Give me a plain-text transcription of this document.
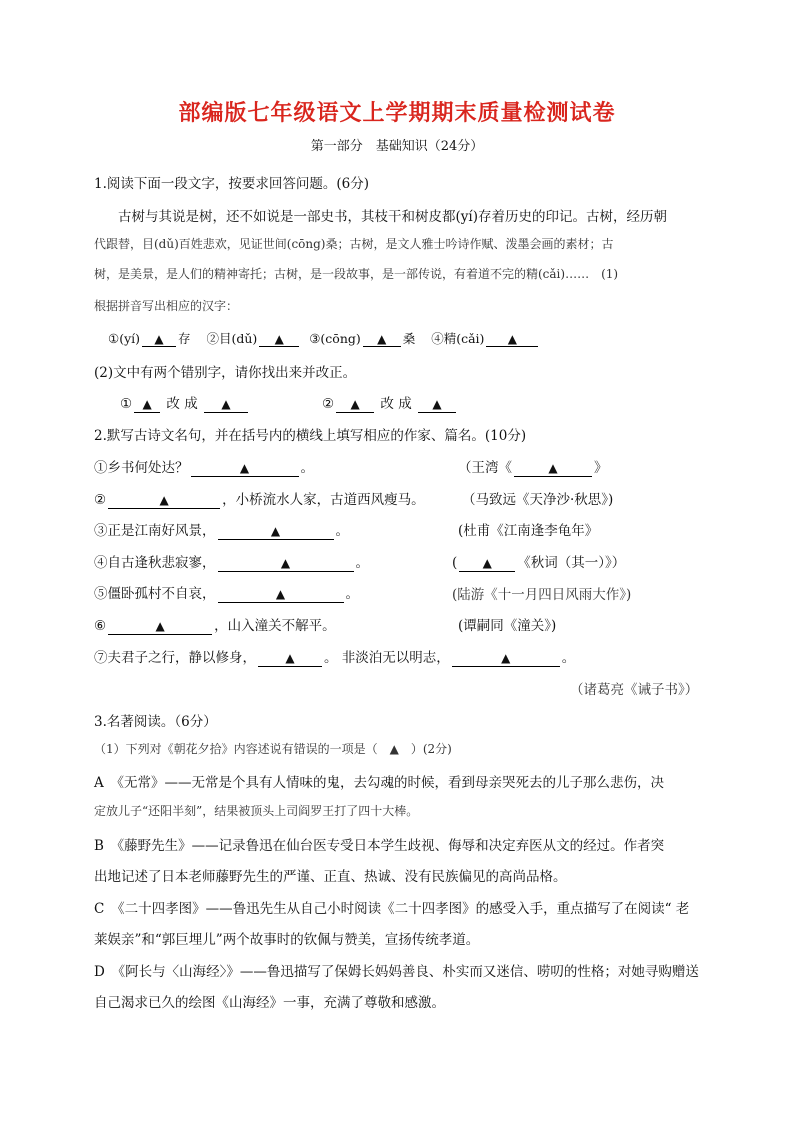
部编版七年级语文上学期期末质量检测试卷
第一部分　基础知识（24分）
1.阅读下面一段文字，按要求回答问题。(6分)
古树与其说是树，还不如说是一部史书，其枝干和树皮都(yí)存着历史的印记。古树，经历朝
代跟替，目(dǔ)百姓悲欢，见证世间(cōng)桑；古树，是文人雅士吟诗作赋、泼墨会画的素材；古
树，是美景，是人们的精神寄托；古树，是一段故事，是一部传说，有着道不完的精(cǎi)……　(1)
根据拼音写出相应的汉字：
①(yí) ▲ 存 ②目(dǔ) ▲ ③(cōng) ▲ 桑 ④精(cǎi) ▲
(2)文中有两个错别字，请你找出来并改正。
① ▲ 改 成 ▲	② ▲ 改 成 ▲
2.默写古诗文名句，并在括号内的横线上填写相应的作家、篇名。(10分)
①乡书何处达？	▲	。	（王湾《	▲	》
②	▲	，小桥流水人家，古道西风瘦马。	（马致远《天净沙·秋思》)
③正是江南好风景，	▲	。	(杜甫《江南逢李龟年》
④自古逢秋悲寂寥，	▲	。	( ▲ 《秋词（其一）》）
⑤僵卧孤村不自哀，	▲	。	(陆游《十一月四日风雨大作》)
⑥	▲	，山入潼关不解平。	(谭嗣同《潼关》)
⑦夫君子之行，静以修身， ▲ 。 非淡泊无以明志，	▲	。
（诸葛亮《诫子书》）
3.名著阅读。（6分）
（1）下列对《朝花夕拾》内容述说有错误的一项是（　▲　）(2分)
A　《无常》——无常是个具有人情味的鬼，去勾魂的时候，看到母亲哭死去的儿子那么悲伤，决
定放儿子“还阳半刻”，结果被顶头上司阎罗王打了四十大棒。
B　《藤野先生》——记录鲁迅在仙台医专受日本学生歧视、侮辱和决定弃医从文的经过。作者突
出地记述了日本老师藤野先生的严谨、正直、热诚、没有民族偏见的高尚品格。
C　《二十四孝图》——鲁迅先生从自己小时阅读《二十四孝图》的感受入手，重点描写了在阅读“ 老
莱娱亲”和“郭巨埋儿”两个故事时的钦佩与赞美，宣扬传统孝道。
D　《阿长与〈山海经〉》——鲁迅描写了保姆长妈妈善良、朴实而又迷信、唠叨的性格；对她寻购赠送
自己渴求已久的绘图《山海经》一事，充满了尊敬和感激。
